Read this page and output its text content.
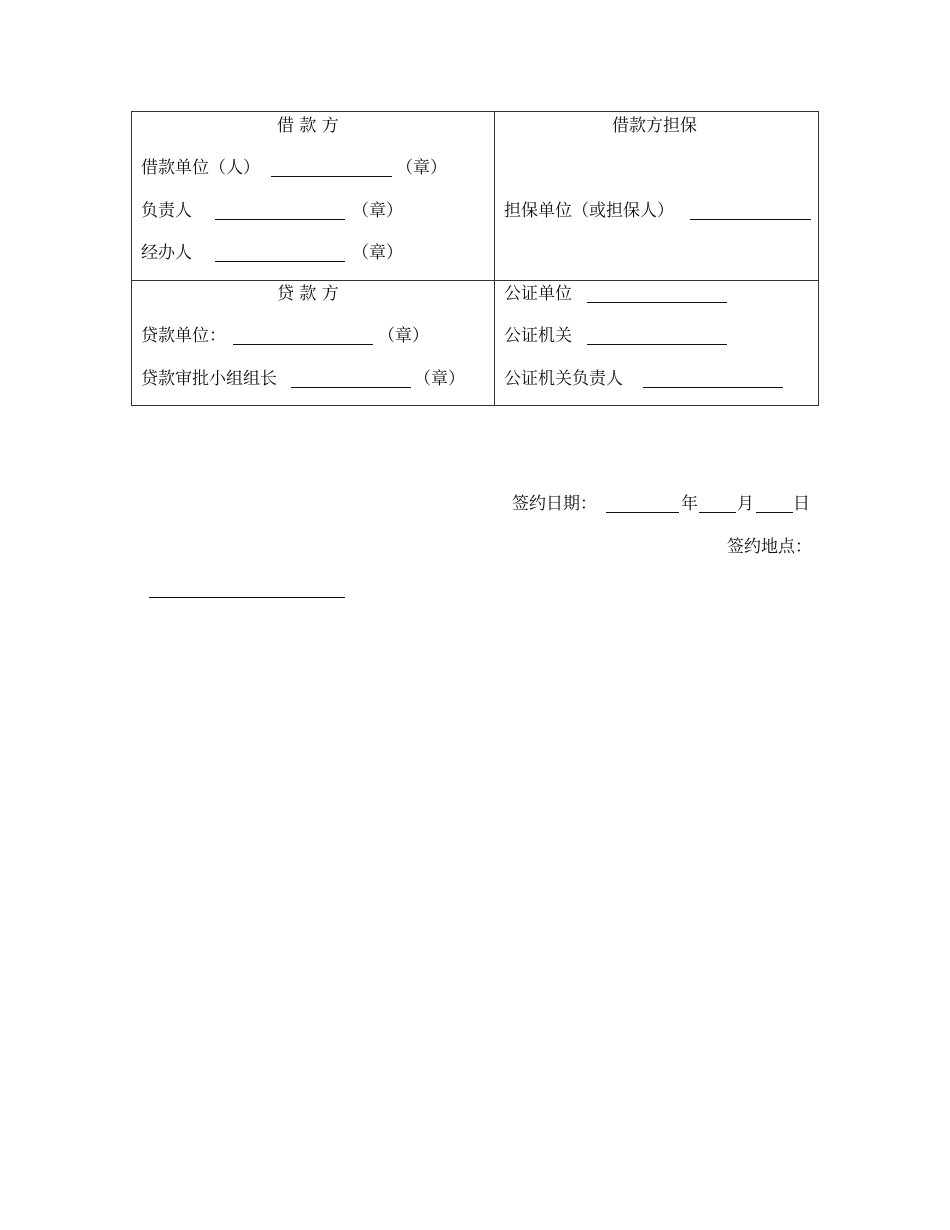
借 款 方
借款单位（人）	（章）
负责人	（章）
经办人	（章）
借款方担保
担保单位（或担保人）
贷 款 方
贷款单位：	（章）
贷款审批小组组长	（章）
公证单位
公证机关
公证机关负责人
签约日期：	年 月 日
签约地点：
